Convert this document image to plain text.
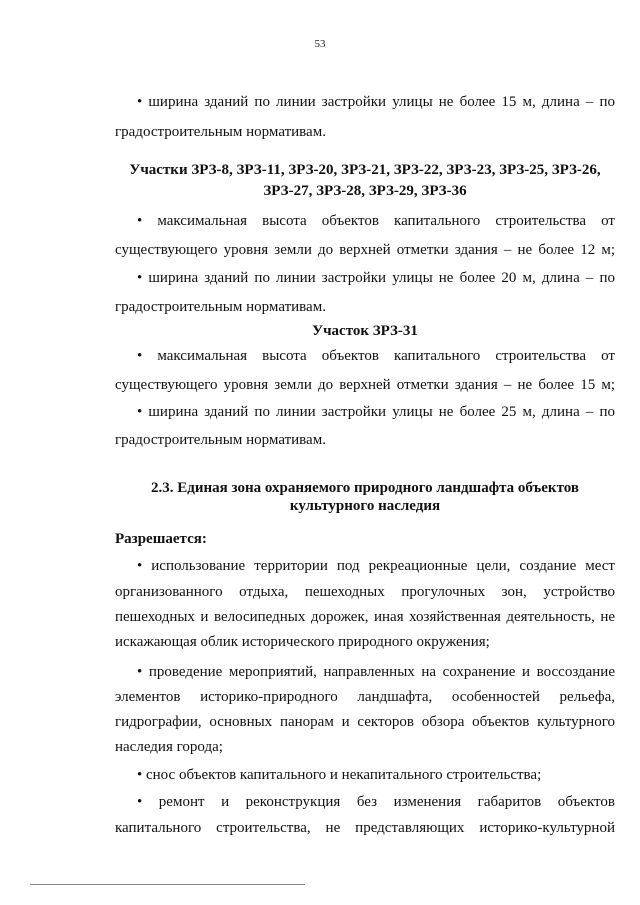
53

• ширина зданий по линии застройки улицы не более 15 м, длина – по

градостроительным нормативам.

Участки ЗРЗ-8, ЗРЗ-11, ЗРЗ-20, ЗРЗ-21, ЗРЗ-22, ЗРЗ-23, ЗРЗ-25, ЗРЗ-26,

ЗРЗ-27, ЗРЗ-28, ЗРЗ-29, ЗРЗ-36

• максимальная высота объектов капитального строительства от

существующего уровня земли до верхней отметки здания – не более 12 м;

• ширина зданий по линии застройки улицы не более 20 м, длина – по

градостроительным нормативам.

Участок ЗРЗ-31

• максимальная высота объектов капитального строительства от

существующего уровня земли до верхней отметки здания – не более 15 м;

• ширина зданий по линии застройки улицы не более 25 м, длина – по

градостроительным нормативам.

2.3. Единая зона охраняемого природного ландшафта объектов

культурного наследия

Разрешается:

• использование территории под рекреационные цели, создание мест

организованного отдыха, пешеходных прогулочных зон, устройство

пешеходных и велосипедных дорожек, иная хозяйственная деятельность, не

искажающая облик исторического природного окружения;

• проведение мероприятий, направленных на сохранение и воссоздание

элементов историко-природного ландшафта, особенностей рельефа,

гидрографии, основных панорам и секторов обзора объектов культурного

наследия города;

• снос объектов капитального и некапитального строительства;

• ремонт и реконструкция без изменения габаритов объектов

капитального строительства, не представляющих историко-культурной
